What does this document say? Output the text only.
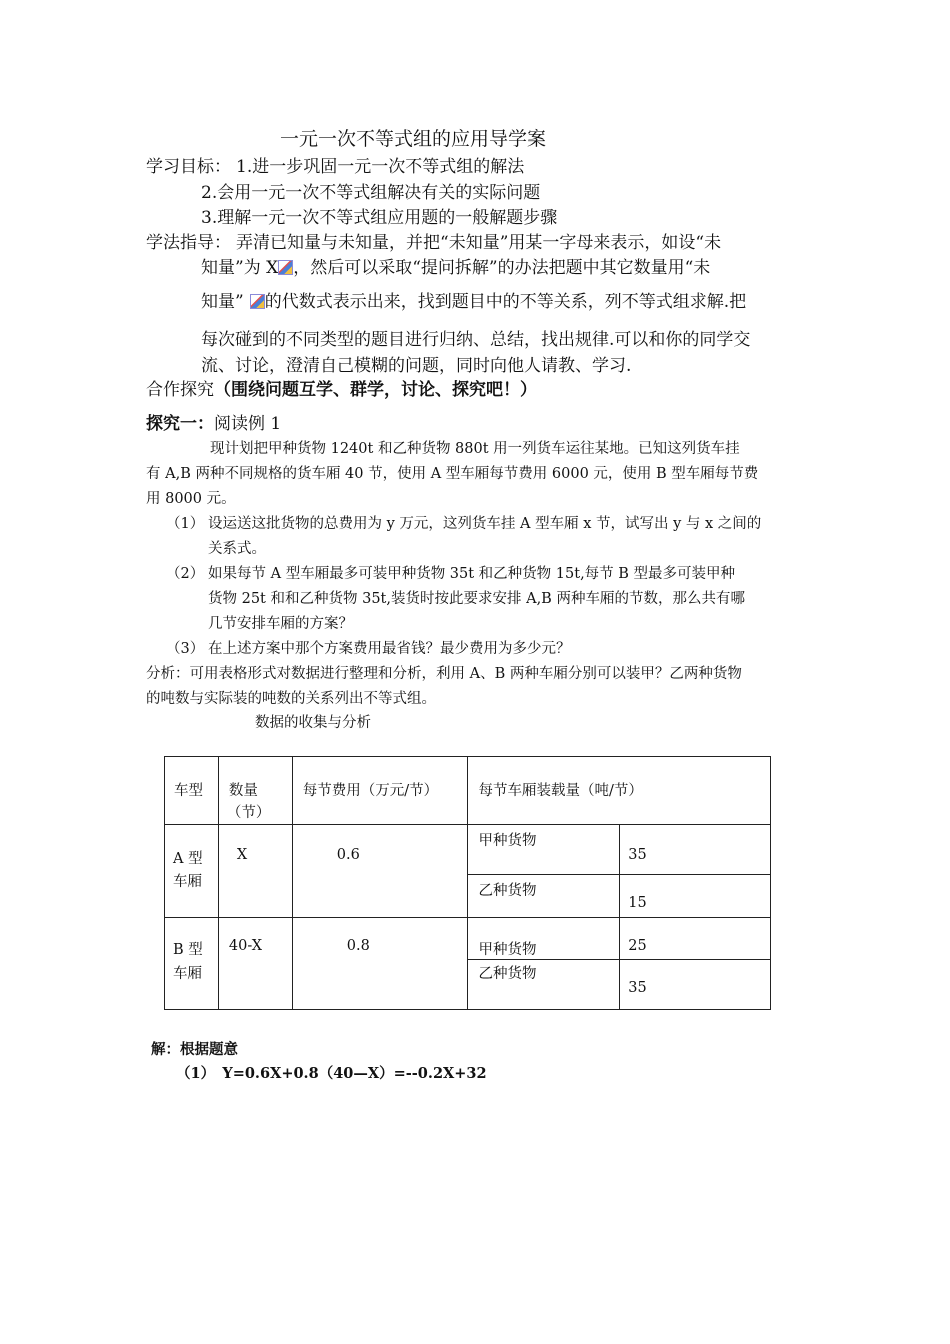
一元一次不等式组的应用导学案
学习目标： 1.进一步巩固一元一次不等式组的解法
2.会用一元一次不等式组解决有关的实际问题
3.理解一元一次不等式组应用题的一般解题步骤
学法指导： 弄清已知量与未知量，并把“未知量”用某一字母来表示，如设“未
知量”为 X ，然后可以采取“提问拆解”的办法把题中其它数量用“未
知量” 的代数式表示出来，找到题目中的不等关系，列不等式组求解.把
每次碰到的不同类型的题目进行归纳、总结，找出规律.可以和你的同学交
流、讨论，澄清自己模糊的问题，同时向他人请教、学习.
合作探究（围绕问题互学、群学，讨论、探究吧！）
探究一：阅读例 1
现计划把甲种货物 1240t 和乙种货物 880t 用一列货车运往某地。已知这列货车挂
有 A,B 两种不同规格的货车厢 40 节，使用 A 型车厢每节费用 6000 元，使用 B 型车厢每节费
用 8000 元。
（1） 设运送这批货物的总费用为 y 万元，这列货车挂 A 型车厢 x 节，试写出 y 与 x 之间的
关系式。
（2） 如果每节 A 型车厢最多可装甲种货物 35t 和乙种货物 15t,每节 B 型最多可装甲种
货物 25t 和和乙种货物 35t,装货时按此要求安排 A,B 两种车厢的节数，那么共有哪
几节安排车厢的方案？
（3） 在上述方案中那个方案费用最省钱？最少费用为多少元？
分析：可用表格形式对数据进行整理和分析，利用 A、B 两种车厢分别可以装甲？乙两种货物
的吨数与实际装的吨数的关系列出不等式组。
数据的收集与分析
车型	数量
（节）	每节费用（万元/节）	每节车厢装载量（吨/节）	

A 型
车厢	X	0.6	甲种货物	35

			乙种货物	15

B 型
车厢	40-X	0.8	甲种货物	25

			乙种货物	35
解：根据题意
（1）　Y=0.6X+0.8（40—X）=--0.2X+32
